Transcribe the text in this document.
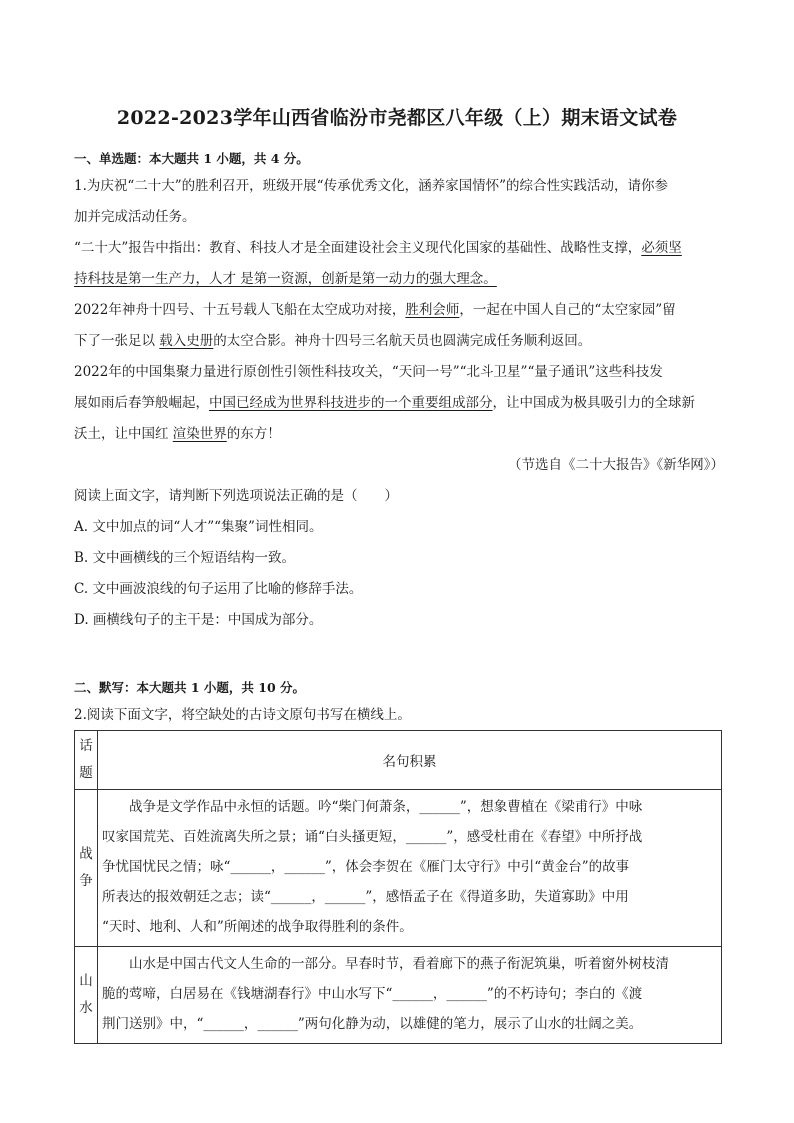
2022-2023学年山西省临汾市尧都区八年级（上）期末语文试卷
一、单选题：本大题共 1 小题，共 4 分。
1.为庆祝“二十大”的胜利召开，班级开展“传承优秀文化，涵养家国情怀”的综合性实践活动，请你参
加并完成活动任务。
“二十大”报告中指出：教育、科技人才是全面建设社会主义现代化国家的基础性、战略性支撑，必须坚
持科技是第一生产力，人才 是第一资源，创新是第一动力的强大理念。
2022年神舟十四号、十五号载人飞船在太空成功对接，胜利会师，一起在中国人自己的“太空家园”留
下了一张足以 载入史册的太空合影。神舟十四号三名航天员也圆满完成任务顺利返回。
2022年的中国集聚力量进行原创性引领性科技攻关，“天问一号”“北斗卫星”“量子通讯”这些科技发
展如雨后春笋般崛起，中国已经成为世界科技进步的一个重要组成部分，让中国成为极具吸引力的全球新
沃土，让中国红 渲染世界的东方！
（节选自《二十大报告》《新华网》）
阅读上面文字，请判断下列选项说法正确的是（　　）
A. 文中加点的词“人才”“集聚”词性相同。
B. 文中画横线的三个短语结构一致。
C. 文中画波浪线的句子运用了比喻的修辞手法。
D. 画横线句子的主干是：中国成为部分。
二、默写：本大题共 1 小题，共 10 分。
2.阅读下面文字，将空缺处的古诗文原句书写在横线上。
话题	名句积累
战争	战争是文学作品中永恒的话题。吟“柴门何萧条，______”，想象曹植在《梁甫行》中咏
叹家国荒芜、百姓流离失所之景；诵“白头搔更短，______”，感受杜甫在《春望》中所抒战
争忧国忧民之情；咏“______，______”，体会李贺在《雁门太守行》中引“黄金台”的故事
所表达的报效朝廷之志；读“______，______”，感悟孟子在《得道多助，失道寡助》中用
“天时、地利、人和”所阐述的战争取得胜利的条件。

山水	山水是中国古代文人生命的一部分。早春时节，看着廊下的燕子衔泥筑巢，听着窗外树枝清
脆的莺啼，白居易在《钱塘湖春行》中山水写下“______，______”的不朽诗句；李白的《渡
荆门送别》中，“______，______”两句化静为动，以雄健的笔力，展示了山水的壮阔之美。
